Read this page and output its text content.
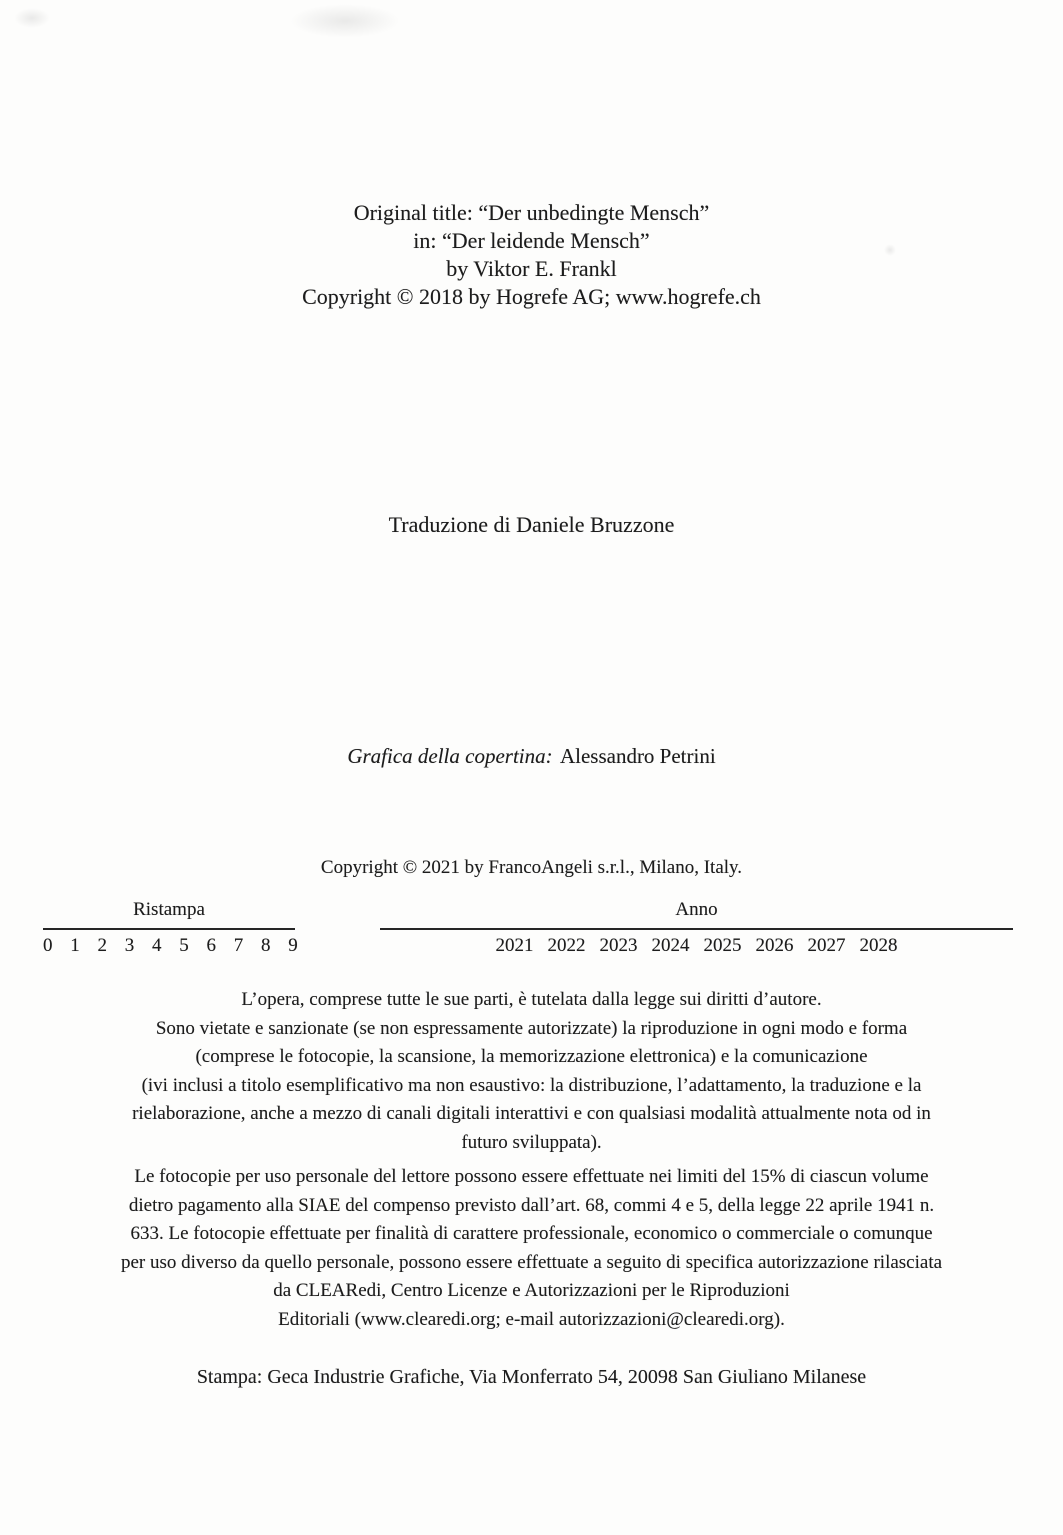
Original title: “Der unbedingte Mensch”
in: “Der leidende Mensch”
by Viktor E. Frankl
Copyright © 2018 by Hogrefe AG; www.hogrefe.ch
Traduzione di Daniele Bruzzone
Grafica della copertina: Alessandro Petrini
Copyright © 2021 by FrancoAngeli s.r.l., Milano, Italy.
Ristampa
0 1 2 3 4 5 6 7 8 9
Anno
2021 2022 2023 2024 2025 2026 2027 2028
L’opera, comprese tutte le sue parti, è tutelata dalla legge sui diritti d’autore.
Sono vietate e sanzionate (se non espressamente autorizzate) la riproduzione in ogni modo e forma
(comprese le fotocopie, la scansione, la memorizzazione elettronica) e la comunicazione
(ivi inclusi a titolo esemplificativo ma non esaustivo: la distribuzione, l’adattamento, la traduzione e la
rielaborazione, anche a mezzo di canali digitali interattivi e con qualsiasi modalità attualmente nota od in
futuro sviluppata).
Le fotocopie per uso personale del lettore possono essere effettuate nei limiti del 15% di ciascun volume
dietro pagamento alla SIAE del compenso previsto dall’art. 68, commi 4 e 5, della legge 22 aprile 1941 n.
633. Le fotocopie effettuate per finalità di carattere professionale, economico o commerciale o comunque
per uso diverso da quello personale, possono essere effettuate a seguito di specifica autorizzazione rilasciata
da CLEARedi, Centro Licenze e Autorizzazioni per le Riproduzioni
Editoriali (www.clearedi.org; e-mail autorizzazioni@clearedi.org).
Stampa: Geca Industrie Grafiche, Via Monferrato 54, 20098 San Giuliano Milanese
